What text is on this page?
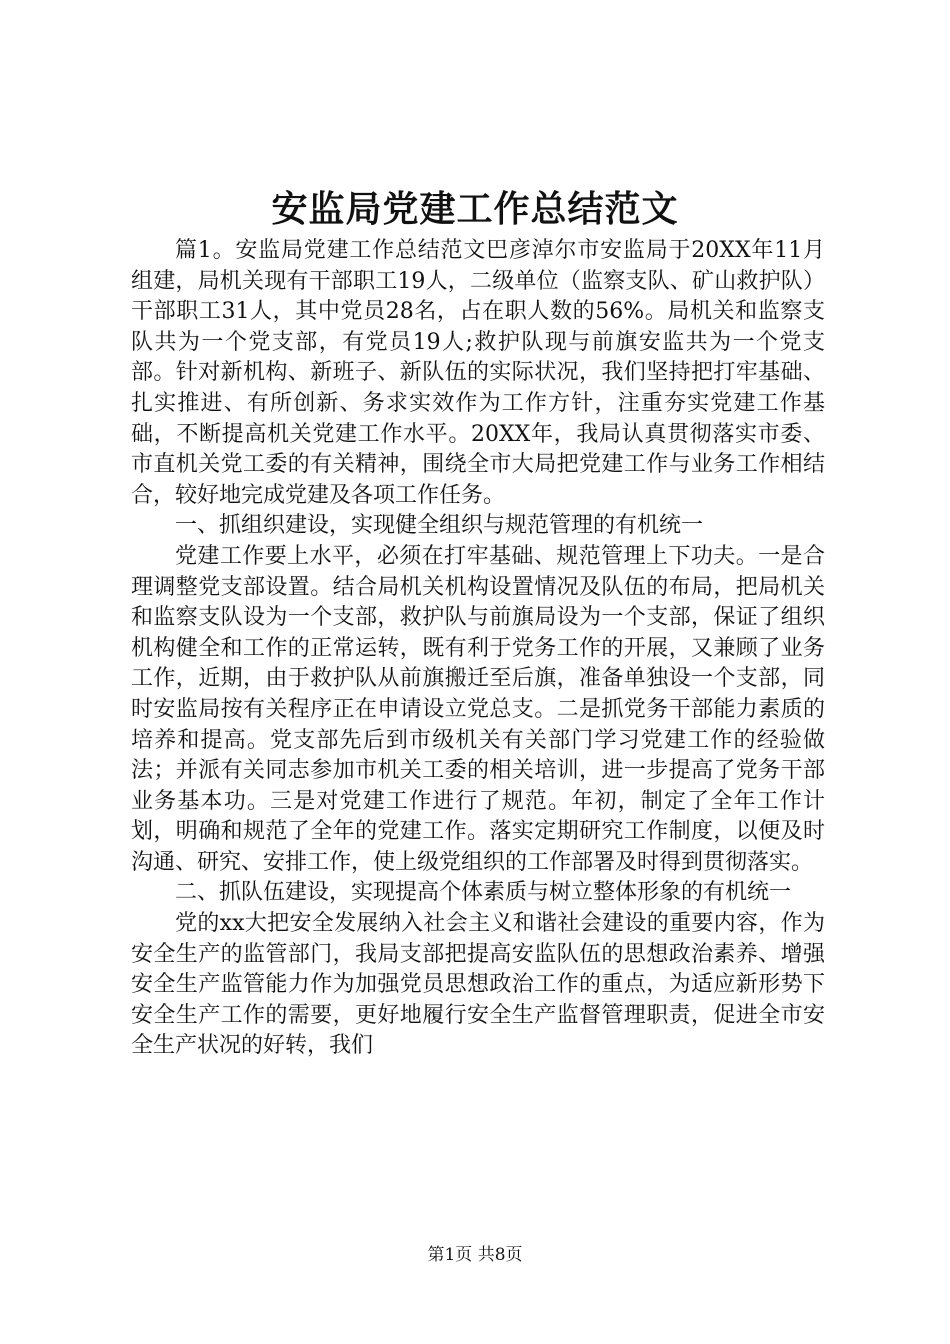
安监局党建工作总结范文

篇1。安监局党建工作总结范文巴彦淖尔市安监局于20XX年11月组建，局机关现有干部职工19人，二级单位（监察支队、矿山救护队）干部职工31人，其中党员28名，占在职人数的56%。局机关和监察支队共为一个党支部，有党员19人;救护队现与前旗安监共为一个党支部。针对新机构、新班子、新队伍的实际状况，我们坚持把打牢基础、扎实推进、有所创新、务求实效作为工作方针，注重夯实党建工作基础，不断提高机关党建工作水平。20XX年，我局认真贯彻落实市委、市直机关党工委的有关精神，围绕全市大局把党建工作与业务工作相结合，较好地完成党建及各项工作任务。

一、抓组织建设，实现健全组织与规范管理的有机统一

党建工作要上水平，必须在打牢基础、规范管理上下功夫。一是合理调整党支部设置。结合局机关机构设置情况及队伍的布局，把局机关和监察支队设为一个支部，救护队与前旗局设为一个支部，保证了组织机构健全和工作的正常运转，既有利于党务工作的开展，又兼顾了业务工作，近期，由于救护队从前旗搬迁至后旗，准备单独设一个支部，同时安监局按有关程序正在申请设立党总支。二是抓党务干部能力素质的培养和提高。党支部先后到市级机关有关部门学习党建工作的经验做法；并派有关同志参加市机关工委的相关培训，进一步提高了党务干部业务基本功。三是对党建工作进行了规范。年初，制定了全年工作计划，明确和规范了全年的党建工作。落实定期研究工作制度，以便及时沟通、研究、安排工作，使上级党组织的工作部署及时得到贯彻落实。

二、抓队伍建设，实现提高个体素质与树立整体形象的有机统一

党的xx大把安全发展纳入社会主义和谐社会建设的重要内容，作为安全生产的监管部门，我局支部把提高安监队伍的思想政治素养、增强安全生产监管能力作为加强党员思想政治工作的重点，为适应新形势下安全生产工作的需要，更好地履行安全生产监督管理职责，促进全市安全生产状况的好转，我们

第1页 共8页
